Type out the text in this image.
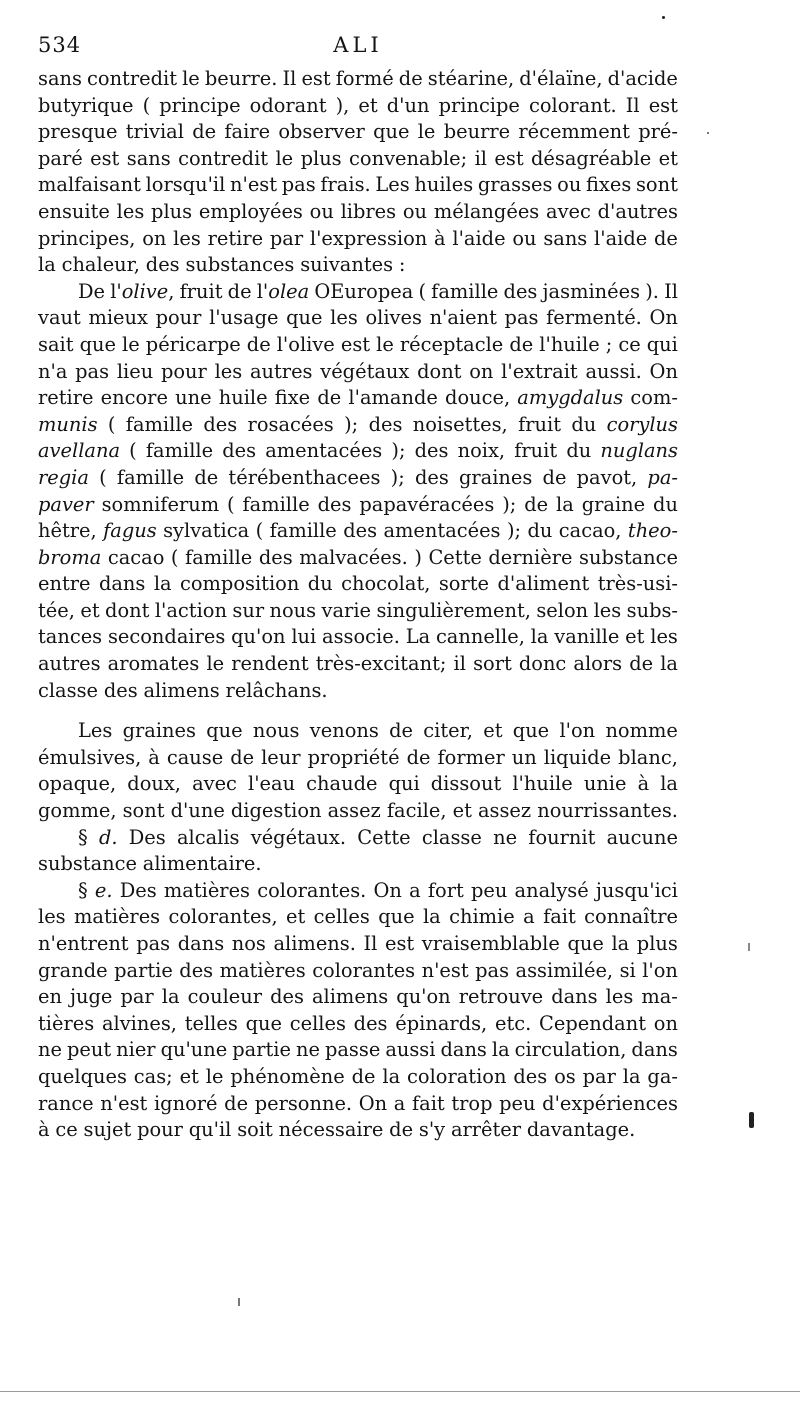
534	ALI
sans contredit le beurre. Il est formé de stéarine, d'élaïne, d'acide
butyrique ( principe odorant ), et d'un principe colorant. Il est
presque trivial de faire observer que le beurre récemment pré-
paré est sans contredit le plus convenable; il est désagréable et
malfaisant lorsqu'il n'est pas frais. Les huiles grasses ou fixes sont
ensuite les plus employées ou libres ou mélangées avec d'autres
principes, on les retire par l'expression à l'aide ou sans l'aide de
la chaleur, des substances suivantes :
De l'olive, fruit de l'olea OEuropea ( famille des jasminées ). Il
vaut mieux pour l'usage que les olives n'aient pas fermenté. On
sait que le péricarpe de l'olive est le réceptacle de l'huile ; ce qui
n'a pas lieu pour les autres végétaux dont on l'extrait aussi. On
retire encore une huile fixe de l'amande douce, amygdalus com-
munis ( famille des rosacées ); des noisettes, fruit du corylus
avellana ( famille des amentacées ); des noix, fruit du nuglans
regia ( famille de térébenthacees ); des graines de pavot, pa-
paver somniferum ( famille des papavéracées ); de la graine du
hêtre, fagus sylvatica ( famille des amentacées ); du cacao, theo-
broma cacao ( famille des malvacées. ) Cette dernière substance
entre dans la composition du chocolat, sorte d'aliment très-usi-
tée, et dont l'action sur nous varie singulièrement, selon les subs-
tances secondaires qu'on lui associe. La cannelle, la vanille et les
autres aromates le rendent très-excitant; il sort donc alors de la
classe des alimens relâchans.
Les graines que nous venons de citer, et que l'on nomme
émulsives, à cause de leur propriété de former un liquide blanc,
opaque, doux, avec l'eau chaude qui dissout l'huile unie à la
gomme, sont d'une digestion assez facile, et assez nourrissantes.
§ d. Des alcalis végétaux. Cette classe ne fournit aucune
substance alimentaire.
§ e. Des matières colorantes. On a fort peu analysé jusqu'ici
les matières colorantes, et celles que la chimie a fait connaître
n'entrent pas dans nos alimens. Il est vraisemblable que la plus
grande partie des matières colorantes n'est pas assimilée, si l'on
en juge par la couleur des alimens qu'on retrouve dans les ma-
tières alvines, telles que celles des épinards, etc. Cependant on
ne peut nier qu'une partie ne passe aussi dans la circulation, dans
quelques cas; et le phénomène de la coloration des os par la ga-
rance n'est ignoré de personne. On a fait trop peu d'expériences
à ce sujet pour qu'il soit nécessaire de s'y arrêter davantage.
